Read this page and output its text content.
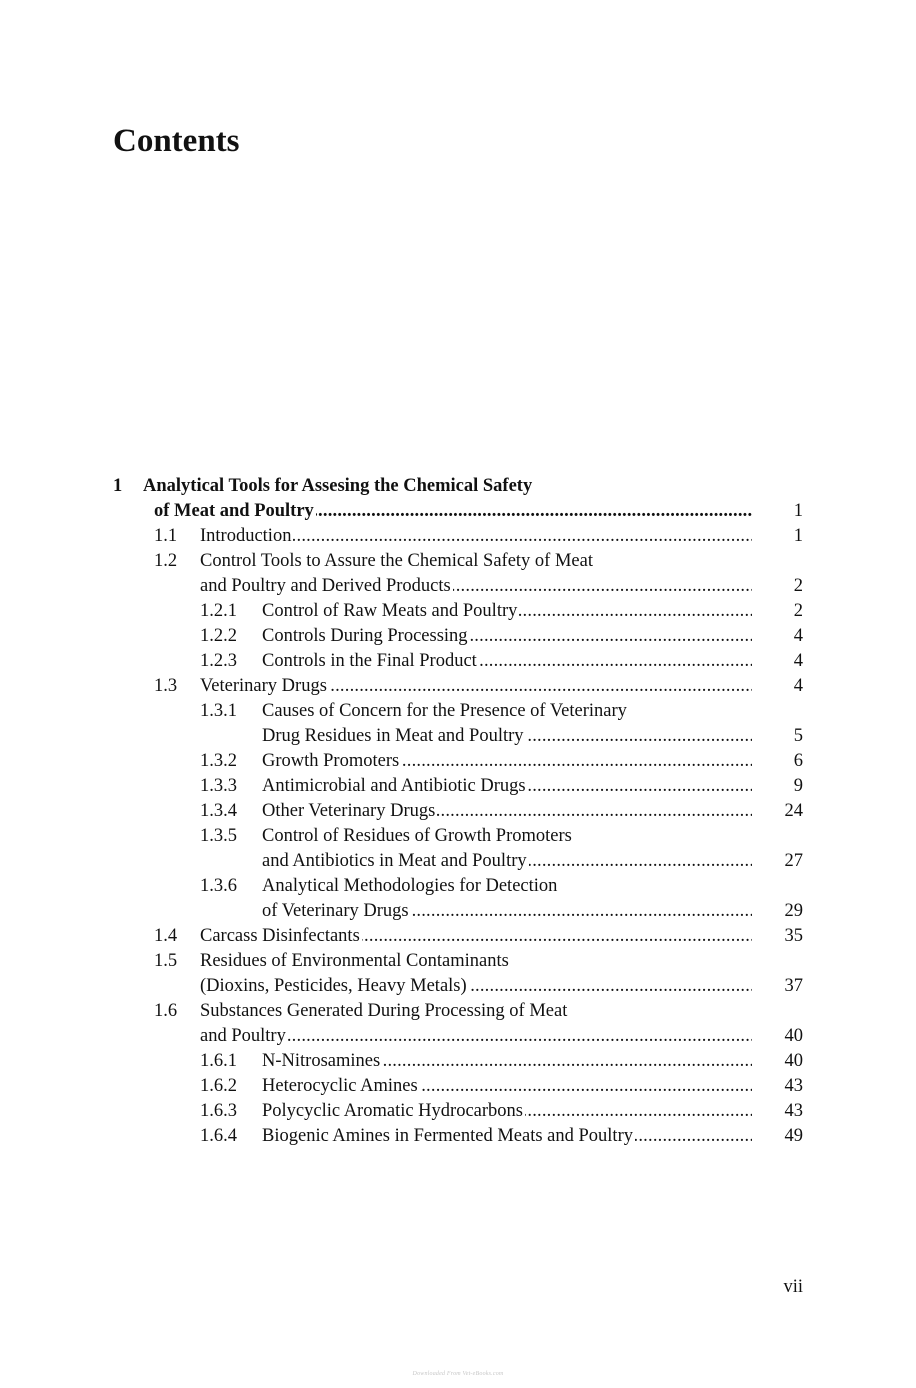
Contents
1 Analytical Tools for Assesing the Chemical Safety
of Meat and Poultry .....	1
1.1 Introduction .....	1
1.2 Control Tools to Assure the Chemical Safety of Meat
and Poultry and Derived Products .....	2
1.2.1 Control of Raw Meats and Poultry .....	2
1.2.2 Controls During Processing .....	4
1.2.3 Controls in the Final Product .....	4
1.3 Veterinary Drugs .....	4
1.3.1 Causes of Concern for the Presence of Veterinary
Drug Residues in Meat and Poultry .....	5
1.3.2 Growth Promoters .....	6
1.3.3 Antimicrobial and Antibiotic Drugs .....	9
1.3.4 Other Veterinary Drugs .....	24
1.3.5 Control of Residues of Growth Promoters
and Antibiotics in Meat and Poultry .....	27
1.3.6 Analytical Methodologies for Detection
of Veterinary Drugs .....	29
1.4 Carcass Disinfectants .....	35
1.5 Residues of Environmental Contaminants
(Dioxins, Pesticides, Heavy Metals) .....	37
1.6 Substances Generated During Processing of Meat
and Poultry .....	40
1.6.1 N-Nitrosamines .....	40
1.6.2 Heterocyclic Amines .....	43
1.6.3 Polycyclic Aromatic Hydrocarbons .....	43
1.6.4 Biogenic Amines in Fermented Meats and Poultry .....	49
vii
Downloaded From Vet-eBooks.com
